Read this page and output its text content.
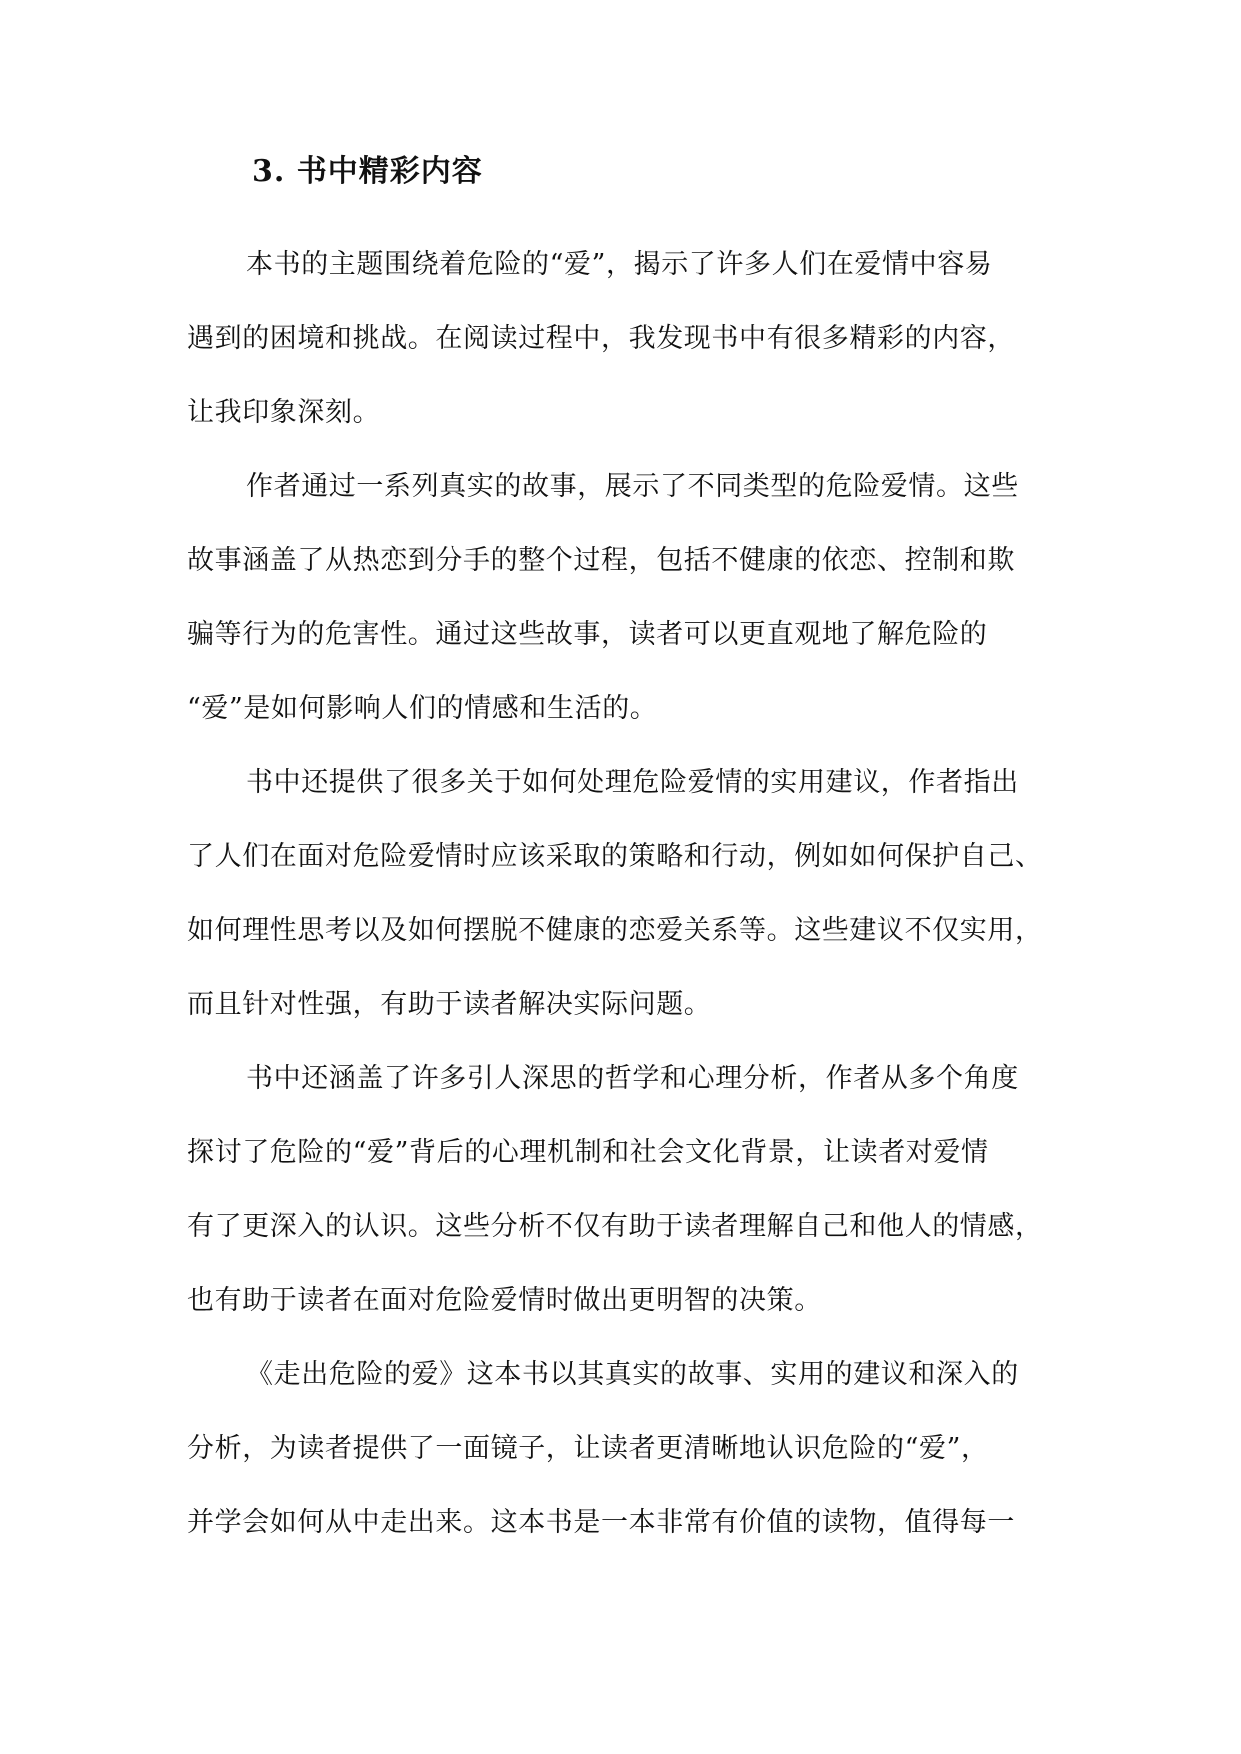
3. 书中精彩内容
本书的主题围绕着危险的“爱”，揭示了许多人们在爱情中容易
遇到的困境和挑战。在阅读过程中，我发现书中有很多精彩的内容，
让我印象深刻。
作者通过一系列真实的故事，展示了不同类型的危险爱情。这些
故事涵盖了从热恋到分手的整个过程，包括不健康的依恋、控制和欺
骗等行为的危害性。通过这些故事，读者可以更直观地了解危险的
“爱”是如何影响人们的情感和生活的。
书中还提供了很多关于如何处理危险爱情的实用建议，作者指出
了人们在面对危险爱情时应该采取的策略和行动，例如如何保护自己、
如何理性思考以及如何摆脱不健康的恋爱关系等。这些建议不仅实用，
而且针对性强，有助于读者解决实际问题。
书中还涵盖了许多引人深思的哲学和心理分析，作者从多个角度
探讨了危险的“爱”背后的心理机制和社会文化背景，让读者对爱情
有了更深入的认识。这些分析不仅有助于读者理解自己和他人的情感，
也有助于读者在面对危险爱情时做出更明智的决策。
《走出危险的爱》这本书以其真实的故事、实用的建议和深入的
分析，为读者提供了一面镜子，让读者更清晰地认识危险的“爱”，
并学会如何从中走出来。这本书是一本非常有价值的读物，值得每一
